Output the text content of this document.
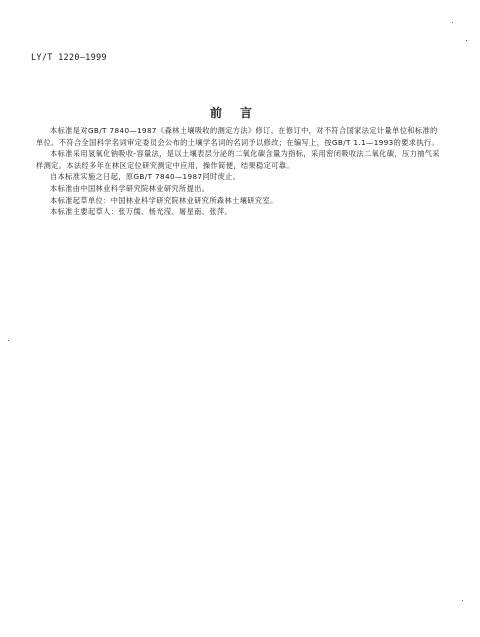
LY/T 1220—1999
前言

本标准是对GB/T 7840—1987《森林土壤吸收的测定方法》修订。在修订中，对不符合国家法定计量单位和标准的单位、不符合全国科学名词审定委员会公布的土壤学名词的名词予以修改；在编写上，按GB/T 1.1—1993的要求执行。

本标准采用氢氧化钠吸收-容量法，是以土壤表层分泌的二氧化碳含量为指标，采用密闭吸收法二氧化碳，压力抽气采样测定。本法经多年在林区定位研究测定中应用，操作简便，结果稳定可靠。

自本标准实施之日起，原GB/T 7840—1987同时废止。

本标准由中国林业科学研究院林业研究所提出。

本标准起草单位：中国林业科学研究院林业研究所森林土壤研究室。

本标准主要起草人：张万儒、杨光滢、屠星南、张萍。
